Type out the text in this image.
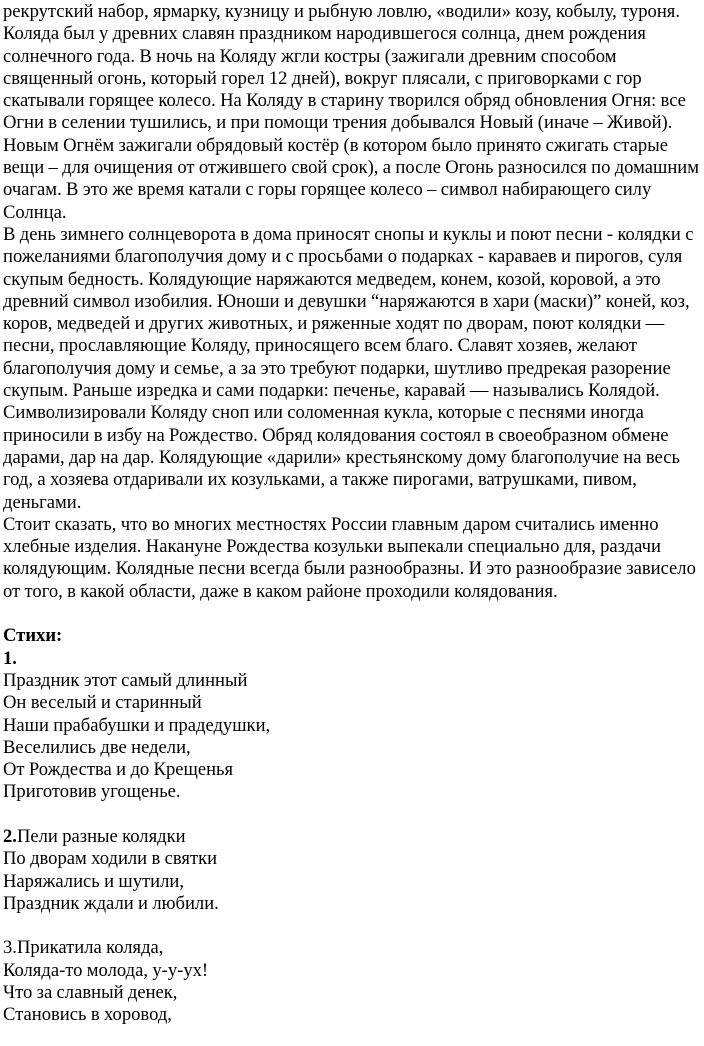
рекрутский набор, ярмарку, кузницу и рыбную ловлю, «водили» козу, кобылу, туроня.

Коляда был у древних славян праздником народившегося солнца, днем рождения солнечного года. В ночь на Коляду жгли костры (зажигали древним способом священный огонь, который горел 12 дней), вокруг плясали, с приговорками с гор скатывали горящее колесо. На Коляду в старину творился обряд обновления Огня: все Огни в селении тушились, и при помощи трения добывался Новый (иначе – Живой). Новым Огнём зажигали обрядовый костёр (в котором было принято сжигать старые вещи – для очищения от отжившего свой срок), а после Огонь разносился по домашним очагам. В это же время катали с горы горящее колесо – символ набирающего силу Солнца.

В день зимнего солнцеворота в дома приносят снопы и куклы и поют песни - колядки с пожеланиями благополучия дому и с просьбами о подарках - караваев и пирогов, суля скупым бедность. Колядующие наряжаются медведем, конем, козой, коровой, а это древний символ изобилия. Юноши и девушки “наряжаются в хари (маски)” коней, коз, коров, медведей и других животных, и ряженные ходят по дворам, поют колядки — песни, прославляющие Коляду, приносящего всем благо. Славят хозяев, желают благополучия дому и семье, а за это требуют подарки, шутливо предрекая разорение скупым. Раньше изредка и сами подарки: печенье, каравай — назывались Колядой. Символизировали Коляду сноп или соломенная кукла, которые с песнями иногда приносили в избу на Рождество. Обряд колядования состоял в своеобразном обмене дарами, дар на дар. Колядующие «дарили» крестьянскому дому благополучие на весь год, а хозяева отдаривали их козульками, а также пирогами, ватрушками, пивом, деньгами.

Стоит сказать, что во многих местностях России главным даром считались именно хлебные изделия. Накануне Рождества козульки выпекали специально для, раздачи колядующим. Колядные песни всегда были разнообразны. И это разнообразие зависело от того, в какой области, даже в каком районе проходили колядования.

Стихи:

1.

Праздник этот самый длинный

Он веселый и старинный

Наши прабабушки и прадедушки,

Веселились две недели,

От Рождества и до Крещенья

Приготовив угощенье.

2.Пели разные колядки

По дворам ходили в святки

Наряжались и шутили,

Праздник ждали и любили.

3.Прикатила коляда,

Коляда-то молода, у-у-ух!

Что за славный денек,

Становись в хоровод,
